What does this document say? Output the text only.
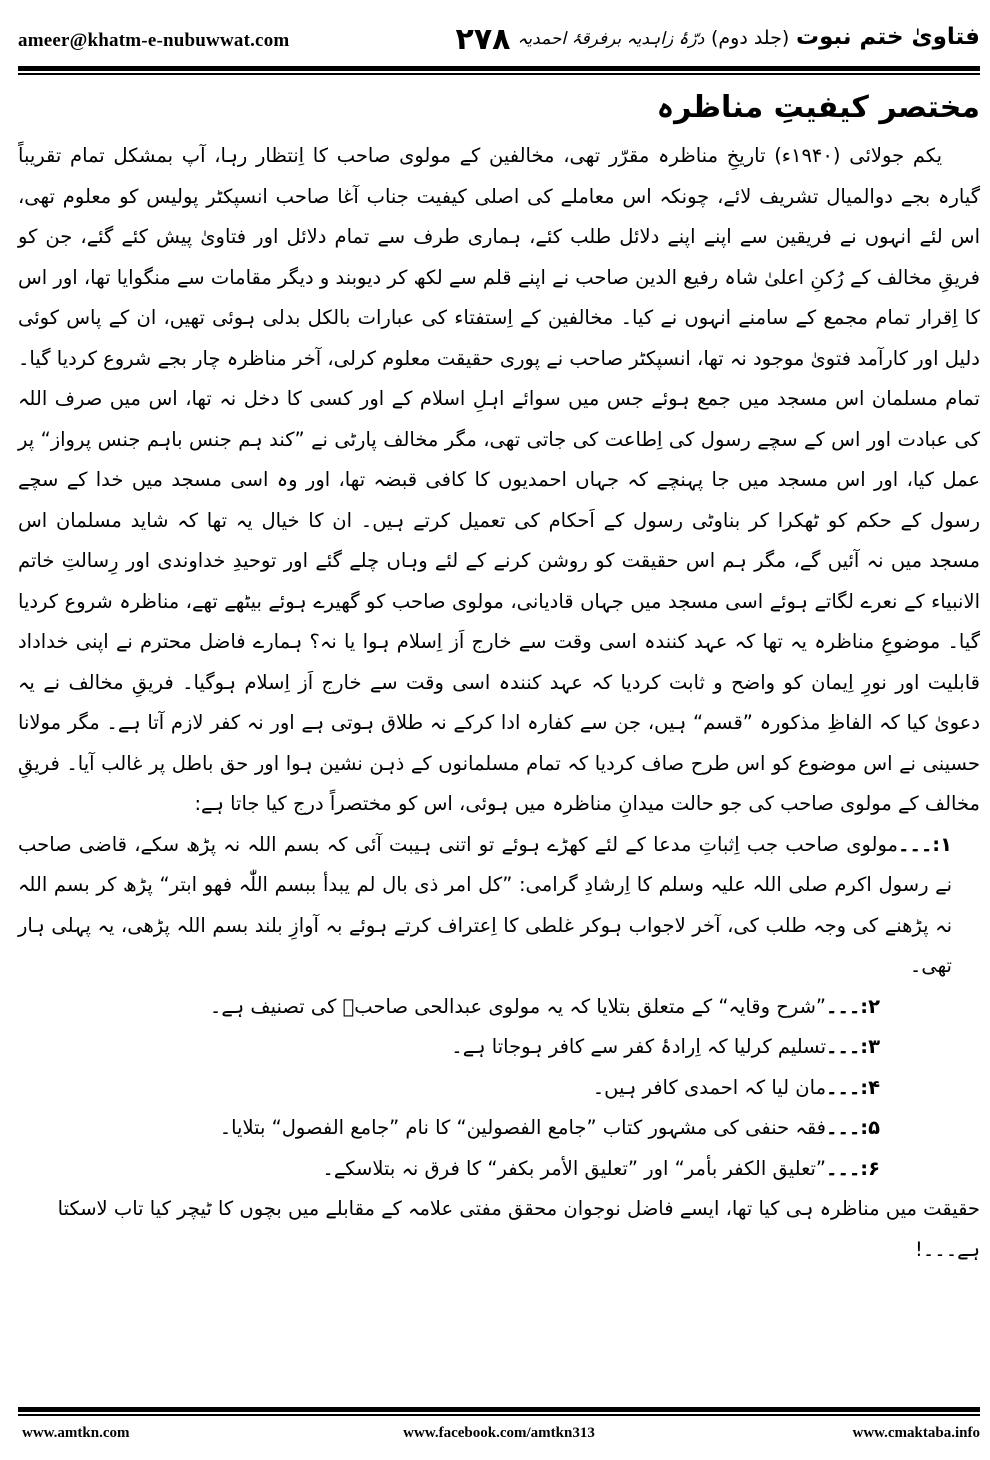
ameer@khatm-e-nubuwwat.com	۲۷۸	فتاویٰ ختم نبوت (جلد دوم) درّۂ زاہدیہ برفرقۂ احمدیہ
مختصر کیفیتِ مناظرہ

یکم جولائی (۱۹۴۰ء) تاریخِ مناظرہ مقرّر تھی، مخالفین کے مولوی صاحب کا اِنتظار رہا، آپ بمشکل تمام تقریباً گیارہ بجے دوالمیال تشریف لائے، چونکہ اس معاملے کی اصلی کیفیت جناب آغا صاحب انسپکٹر پولیس کو معلوم تھی، اس لئے انہوں نے فریقین سے اپنے اپنے دلائل طلب کئے، ہماری طرف سے تمام دلائل اور فتاویٰ پیش کئے گئے، جن کو فریقِ مخالف کے رُکنِ اعلیٰ شاہ رفیع الدین صاحب نے اپنے قلم سے لکھ کر دیوبند و دیگر مقامات سے منگوایا تھا، اور اس کا اِقرار تمام مجمع کے سامنے انہوں نے کیا۔ مخالفین کے اِستفتاء کی عبارات بالکل بدلی ہوئی تھیں، ان کے پاس کوئی دلیل اور کارآمد فتویٰ موجود نہ تھا، انسپکٹر صاحب نے پوری حقیقت معلوم کرلی، آخر مناظرہ چار بجے شروع کردیا گیا۔ تمام مسلمان اس مسجد میں جمع ہوئے جس میں سوائے اہلِ اسلام کے اور کسی کا دخل نہ تھا، اس میں صرف اللہ کی عبادت اور اس کے سچے رسول کی اِطاعت کی جاتی تھی، مگر مخالف پارٹی نے ”کند ہم جنس باہم جنس پرواز“ پر عمل کیا، اور اس مسجد میں جا پہنچے کہ جہاں احمدیوں کا کافی قبضہ تھا، اور وہ اسی مسجد میں خدا کے سچے رسول کے حکم کو ٹھکرا کر بناوٹی رسول کے اَحکام کی تعمیل کرتے ہیں۔ ان کا خیال یہ تھا کہ شاید مسلمان اس مسجد میں نہ آئیں گے، مگر ہم اس حقیقت کو روشن کرنے کے لئے وہاں چلے گئے اور توحیدِ خداوندی اور رِسالتِ خاتم الانبیاء کے نعرے لگاتے ہوئے اسی مسجد میں جہاں قادیانی، مولوی صاحب کو گھیرے ہوئے بیٹھے تھے، مناظرہ شروع کردیا گیا۔ موضوعِ مناظرہ یہ تھا کہ عہد کنندہ اسی وقت سے خارج اَز اِسلام ہوا یا نہ؟ ہمارے فاضل محترم نے اپنی خداداد قابلیت اور نورِ اِیمان کو واضح و ثابت کردیا کہ عہد کنندہ اسی وقت سے خارج اَز اِسلام ہوگیا۔ فریقِ مخالف نے یہ دعویٰ کیا کہ الفاظِ مذکورہ ”قسم“ ہیں، جن سے کفارہ ادا کرکے نہ طلاق ہوتی ہے اور نہ کفر لازم آتا ہے۔ مگر مولانا حسینی نے اس موضوع کو اس طرح صاف کردیا کہ تمام مسلمانوں کے ذہن نشین ہوا اور حق باطل پر غالب آیا۔ فریقِ مخالف کے مولوی صاحب کی جو حالت میدانِ مناظرہ میں ہوئی، اس کو مختصراً درج کیا جاتا ہے:

۱:۔۔۔مولوی صاحب جب اِثباتِ مدعا کے لئے کھڑے ہوئے تو اتنی ہیبت آئی کہ بسم اللہ نہ پڑھ سکے، قاضی صاحب نے رسول اکرم صلی اللہ علیہ وسلم کا اِرشادِ گرامی: ”کل امر ذی بال لم یبدأ ببسم اللّٰہ فھو ابتر“ پڑھ کر بسم اللہ نہ پڑھنے کی وجہ طلب کی، آخر لاجواب ہوکر غلطی کا اِعتراف کرتے ہوئے بہ آوازِ بلند بسم اللہ پڑھی، یہ پہلی ہار تھی۔
۲:۔۔۔”شرح وقایہ“ کے متعلق بتلایا کہ یہ مولوی عبدالحی صاحبؒ کی تصنیف ہے۔
۳:۔۔۔تسلیم کرلیا کہ اِرادۂ کفر سے کافر ہوجاتا ہے۔
۴:۔۔۔مان لیا کہ احمدی کافر ہیں۔
۵:۔۔۔فقہ حنفی کی مشہور کتاب ”جامع الفصولین“ کا نام ”جامع الفصول“ بتلایا۔
۶:۔۔۔”تعلیق الکفر بأمر“ اور ”تعلیق الأمر بکفر“ کا فرق نہ بتلاسکے۔

حقیقت میں مناظرہ ہی کیا تھا، ایسے فاضل نوجوان محقق مفتی علامہ کے مقابلے میں بچوں کا ٹیچر کیا تاب لاسکتا ہے۔۔۔!

www.amtkn.com	www.facebook.com/amtkn313	www.cmaktaba.info
